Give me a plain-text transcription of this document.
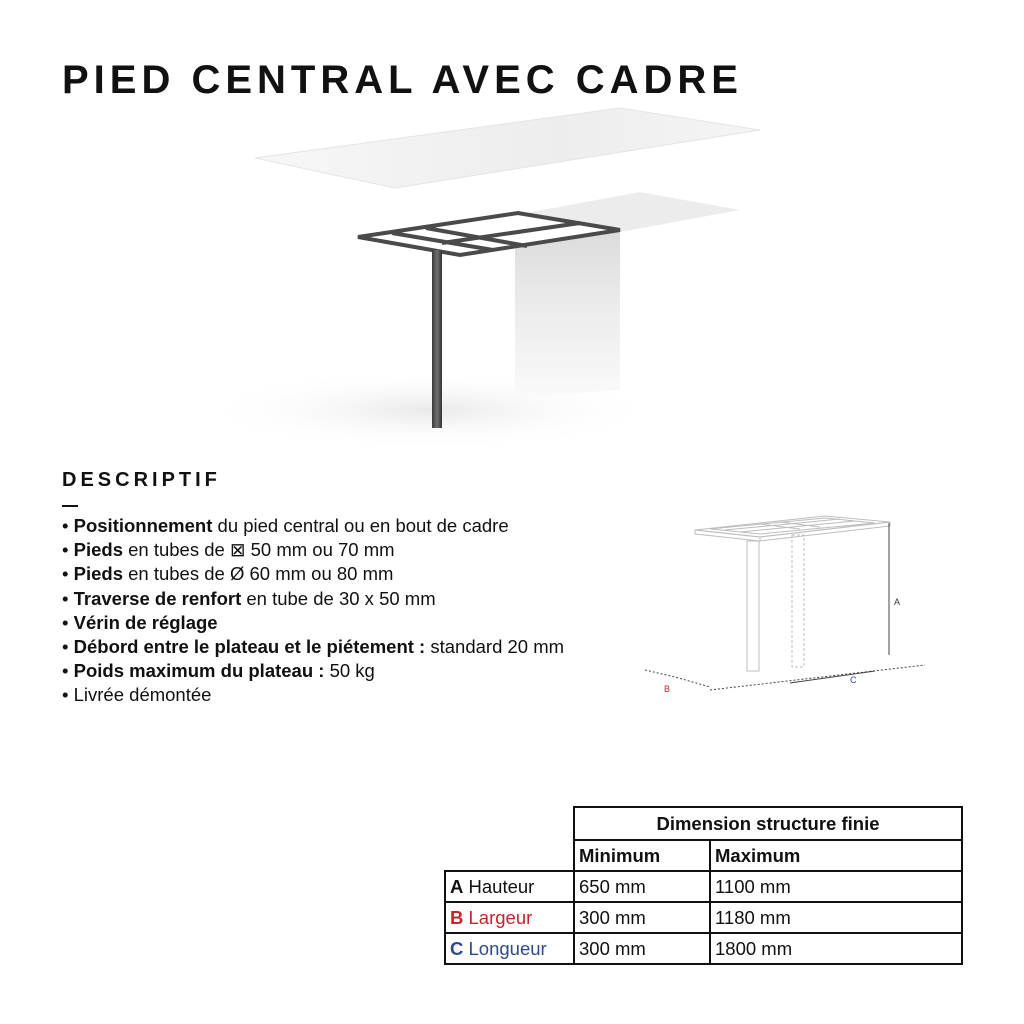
PIED CENTRAL AVEC CADRE
DESCRIPTIF
• Positionnement du pied central ou en bout de cadre
• Pieds en tubes de ⊠ 50 mm ou 70 mm
• Pieds en tubes de Ø 60 mm ou 80 mm
• Traverse de renfort en tube de 30 x 50 mm
• Vérin de réglage
• Débord entre le plateau et le piétement : standard 20 mm
• Poids maximum du plateau : 50 kg
• Livrée démontée
A
B
C
	Dimension structure finie	
	Minimum	Maximum
A Hauteur	650 mm	1100 mm
B Largeur	300 mm	1180 mm
C Longueur	300 mm	1800 mm
